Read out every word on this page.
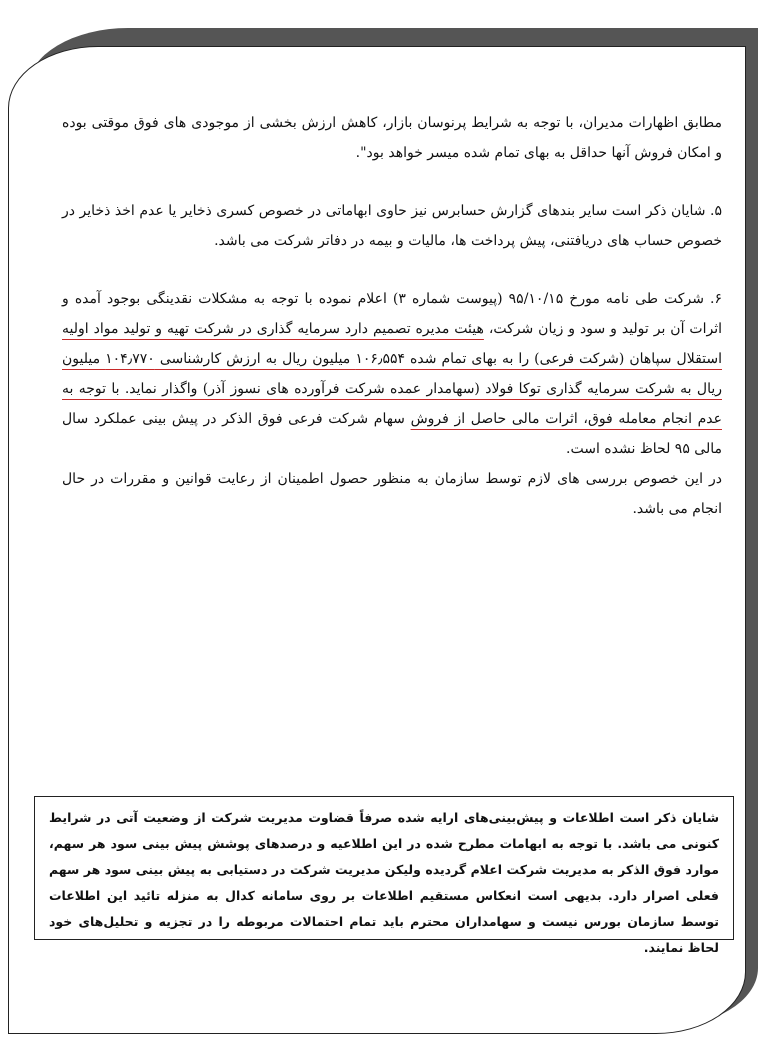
مطابق اظهارات مدیران، با توجه به شرایط پرنوسان بازار، کاهش ارزش بخشی از موجودی های فوق موقتی بوده و امکان فروش آنها حداقل به بهای تمام شده میسر خواهد بود".

۵. شایان ذکر است سایر بندهای گزارش حسابرس نیز حاوی ابهاماتی در خصوص کسری ذخایر یا عدم اخذ ذخایر در خصوص حساب های دریافتنی، پیش پرداخت ها، مالیات و بیمه در دفاتر شرکت می باشد.

۶. شرکت طی نامه مورخ ۹۵/۱۰/۱۵ (پیوست شماره ۳) اعلام نموده با توجه به مشکلات نقدینگی بوجود آمده و اثرات آن بر تولید و سود و زیان شرکت، هیئت مدیره تصمیم دارد سرمایه گذاری در شرکت تهیه و تولید مواد اولیه استقلال سپاهان (شرکت فرعی) را به بهای تمام شده ۱۰۶٫۵۵۴ میلیون ریال به ارزش کارشناسی ۱۰۴٫۷۷۰ میلیون ریال به شرکت سرمایه گذاری توکا فولاد (سهامدار عمده شرکت فرآورده های نسوز آذر) واگذار نماید. با توجه به عدم انجام معامله فوق، اثرات مالی حاصل از فروش سهام شرکت فرعی فوق الذکر در پیش بینی عملکرد سال مالی ۹۵ لحاظ نشده است.

در این خصوص بررسی های لازم توسط سازمان به منظور حصول اطمینان از رعایت قوانین و مقررات در حال انجام می باشد.

شایان ذکر است اطلاعات و پیش‌بینی‌های ارایه شده صرفاً قضاوت مدیریت شرکت از وضعیت آتی در شرایط کنونی می باشد. با توجه به ابهامات مطرح شده در این اطلاعیه و درصدهای پوشش پیش بینی سود هر سهم، موارد فوق الذکر به مدیریت شرکت اعلام گردیده ولیکن مدیریت شرکت در دستیابی به پیش بینی سود هر سهم فعلی اصرار دارد. بدیهی است انعکاس مستقیم اطلاعات بر روی سامانه کدال به منزله تائید این اطلاعات توسط سازمان بورس نیست و سهامداران محترم باید تمام احتمالات مربوطه را در تجزیه و تحلیل‌های خود لحاظ نمایند.
